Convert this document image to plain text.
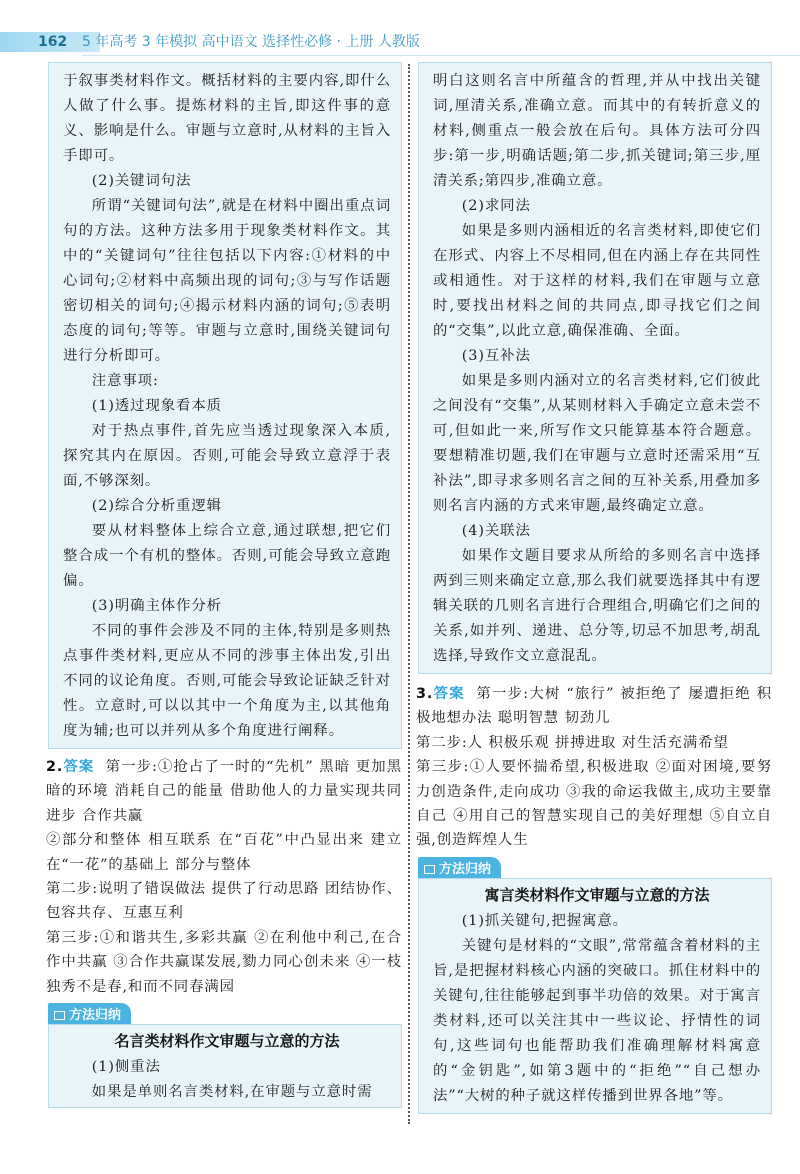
162	5 年高考 3 年模拟 高中语文 选择性必修 · 上册 人教版

于叙事类材料作文。概括材料的主要内容,即什么人做了什么事。提炼材料的主旨,即这件事的意义、影响是什么。审题与立意时,从材料的主旨入手即可。

(2)关键词句法

所谓“关键词句法”,就是在材料中圈出重点词句的方法。这种方法多用于现象类材料作文。其中的“关键词句”往往包括以下内容:①材料的中心词句;②材料中高频出现的词句;③与写作话题密切相关的词句;④揭示材料内涵的词句;⑤表明态度的词句;等等。审题与立意时,围绕关键词句进行分析即可。

注意事项:

(1)透过现象看本质

对于热点事件,首先应当透过现象深入本质,探究其内在原因。否则,可能会导致立意浮于表面,不够深刻。

(2)综合分析重逻辑

要从材料整体上综合立意,通过联想,把它们整合成一个有机的整体。否则,可能会导致立意跑偏。

(3)明确主体作分析

不同的事件会涉及不同的主体,特别是多则热点事件类材料,更应从不同的涉事主体出发,引出不同的议论角度。否则,可能会导致论证缺乏针对性。立意时,可以以其中一个角度为主,以其他角度为辅;也可以并列从多个角度进行阐释。

2.答案 第一步:①抢占了一时的“先机” 黑暗 更加黑暗的环境 消耗自己的能量 借助他人的力量实现共同进步 合作共赢

②部分和整体 相互联系 在“百花”中凸显出来 建立在“一花”的基础上 部分与整体

第二步:说明了错误做法 提供了行动思路 团结协作、包容共存、互惠互利

第三步:①和谐共生,多彩共赢 ②在利他中利己,在合作中共赢 ③合作共赢谋发展,勠力同心创未来 ④一枝独秀不是春,和而不同春满园

方法归纳

名言类材料作文审题与立意的方法

(1)侧重法

如果是单则名言类材料,在审题与立意时需

明白这则名言中所蕴含的哲理,并从中找出关键词,厘清关系,准确立意。而其中的有转折意义的材料,侧重点一般会放在后句。具体方法可分四步:第一步,明确话题;第二步,抓关键词;第三步,厘清关系;第四步,准确立意。

(2)求同法

如果是多则内涵相近的名言类材料,即使它们在形式、内容上不尽相同,但在内涵上存在共同性或相通性。对于这样的材料,我们在审题与立意时,要找出材料之间的共同点,即寻找它们之间的“交集”,以此立意,确保准确、全面。

(3)互补法

如果是多则内涵对立的名言类材料,它们彼此之间没有“交集”,从某则材料入手确定立意未尝不可,但如此一来,所写作文只能算基本符合题意。要想精准切题,我们在审题与立意时还需采用“互补法”,即寻求多则名言之间的互补关系,用叠加多则名言内涵的方式来审题,最终确定立意。

(4)关联法

如果作文题目要求从所给的多则名言中选择两到三则来确定立意,那么我们就要选择其中有逻辑关联的几则名言进行合理组合,明确它们之间的关系,如并列、递进、总分等,切忌不加思考,胡乱选择,导致作文立意混乱。

3.答案 第一步:大树 “旅行” 被拒绝了 屡遭拒绝 积极地想办法 聪明智慧 韧劲儿

第二步:人 积极乐观 拼搏进取 对生活充满希望

第三步:①人要怀揣希望,积极进取 ②面对困境,要努力创造条件,走向成功 ③我的命运我做主,成功主要靠自己 ④用自己的智慧实现自己的美好理想 ⑤自立自强,创造辉煌人生

方法归纳

寓言类材料作文审题与立意的方法

(1)抓关键句,把握寓意。

关键句是材料的“文眼”,常常蕴含着材料的主旨,是把握材料核心内涵的突破口。抓住材料中的关键句,往往能够起到事半功倍的效果。对于寓言类材料,还可以关注其中一些议论、抒情性的词句,这些词句也能帮助我们准确理解材料寓意的“金钥匙”,如第3题中的“拒绝”“自己想办法”“大树的种子就这样传播到世界各地”等。
